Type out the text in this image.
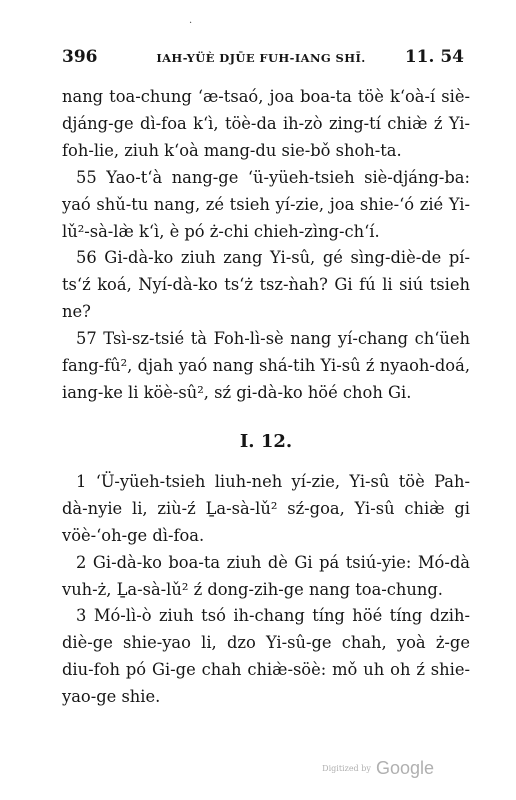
·
396	IAH-YÜÈ DJŪE FUH-IANG SHĪ.	11. 54

nang toa-chung ‘æ-tsaó, joa boa-ta töè k‘oà-í siè-djáng-ge dì-foa k‘ì, töè-da ih-zò zing-tí chiæ̀ ź Yi-foh-lie, ziuh k‘oà mang-du sie-bǒ shoh-ta.

55 Yao-t‘à nang-ge ‘ü-yüeh-tsieh siè-djáng-ba: yaó shǔ-tu nang, zé tsieh yí-zie, joa shie-‘ó zié Yi-lǔ²-sà-læ̀ k‘ì, è pó ż-chi chieh-zìng-ch‘í.

56 Gi-dà-ko ziuh zang Yi-sû, gé sìng-diè-de pí-ts‘ź koá, Nyí-dà-ko ts‘ż tsz-ǹah? Gi fú li siú tsieh ne?

57 Tsì-sz-tsié tà Foh-lì-sè nang yí-chang ch‘üeh fang-fû², djah yaó nang shá-tih Yi-sû ź nyaoh-doá, iang-ke li köè-sû², sź gi-dà-ko höé choh Gi.

I. 12.

1 ‘Ü-yüeh-tsieh liuh-neh yí-zie, Yi-sû töè Pah-dà-nyie li, ziù-ź Ḻa-sà-lǔ² sź-goa, Yi-sû chiæ̀ gi vöè-‘oh-ge dì-foa.

2 Gi-dà-ko boa-ta ziuh dè Gi pá tsiú-yie: Mó-dà vuh-ż, Ḻa-sà-lǔ² ź dong-zih-ge nang toa-chung.

3 Mó-lì-ò ziuh tsó ih-chang tíng höé tíng dzih-diè-ge shie-yao li, dzo Yi-sû-ge chah, yoà ż-ge diu-foh pó Gi-ge chah chiæ̀-söè: mǒ uh oh ź shie-yao-ge shie.

Digitized by Google
